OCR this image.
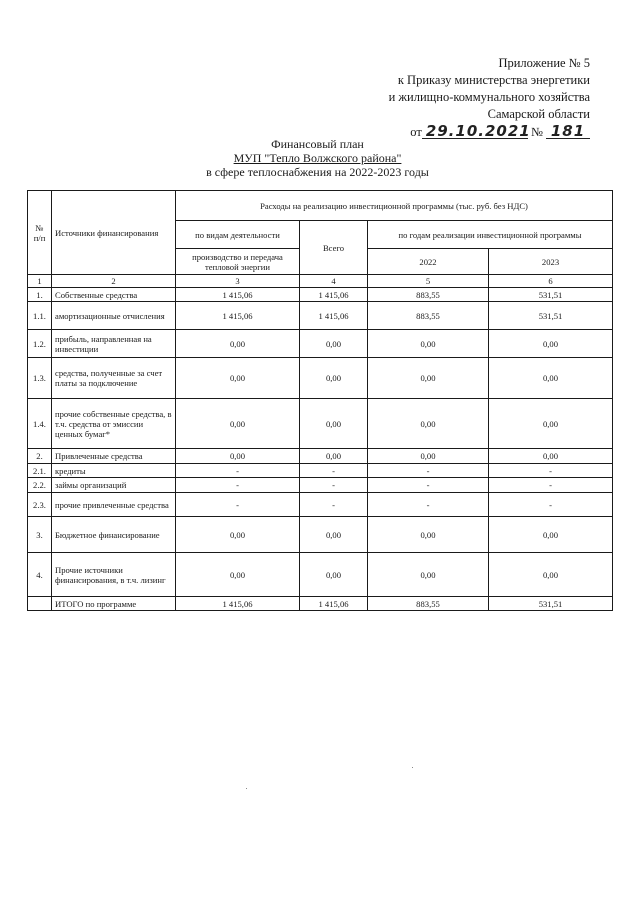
Приложение № 5
к Приказу министерства энергетики
и жилищно-коммунального хозяйства
Самарской области
от 29.10.2021 № 181
Финансовый план
МУП "Тепло Волжского района"
в сфере теплоснабжения на 2022-2023 годы
№ п/п	Источники финансирования	Расходы на реализацию инвестиционной программы (тыс. руб. без НДС)			
		по видам деятельности	Всего	по годам реализации инвестиционной программы	
		производство и передача тепловой энергии		2022	2023
1	2	3	4	5	6
1.	Собственные средства	1 415,06	1 415,06	883,55	531,51
1.1.	амортизационные отчисления	1 415,06	1 415,06	883,55	531,51
1.2.	прибыль, направленная на инвестиции	0,00	0,00	0,00	0,00
1.3.	средства, полученные за счет платы за подключение	0,00	0,00	0,00	0,00
1.4.	прочие собственные средства, в т.ч. средства от эмиссии ценных бумаг*	0,00	0,00	0,00	0,00
2.	Привлеченные средства	0,00	0,00	0,00	0,00
2.1.	кредиты	-	-	-	-
2.2.	займы организаций	-	-	-	-
2.3.	прочие привлеченные средства	-	-	-	-
3.	Бюджетное финансирование	0,00	0,00	0,00	0,00
4.	Прочие источники финансирования, в т.ч. лизинг	0,00	0,00	0,00	0,00
	ИТОГО по программе	1 415,06	1 415,06	883,55	531,51
